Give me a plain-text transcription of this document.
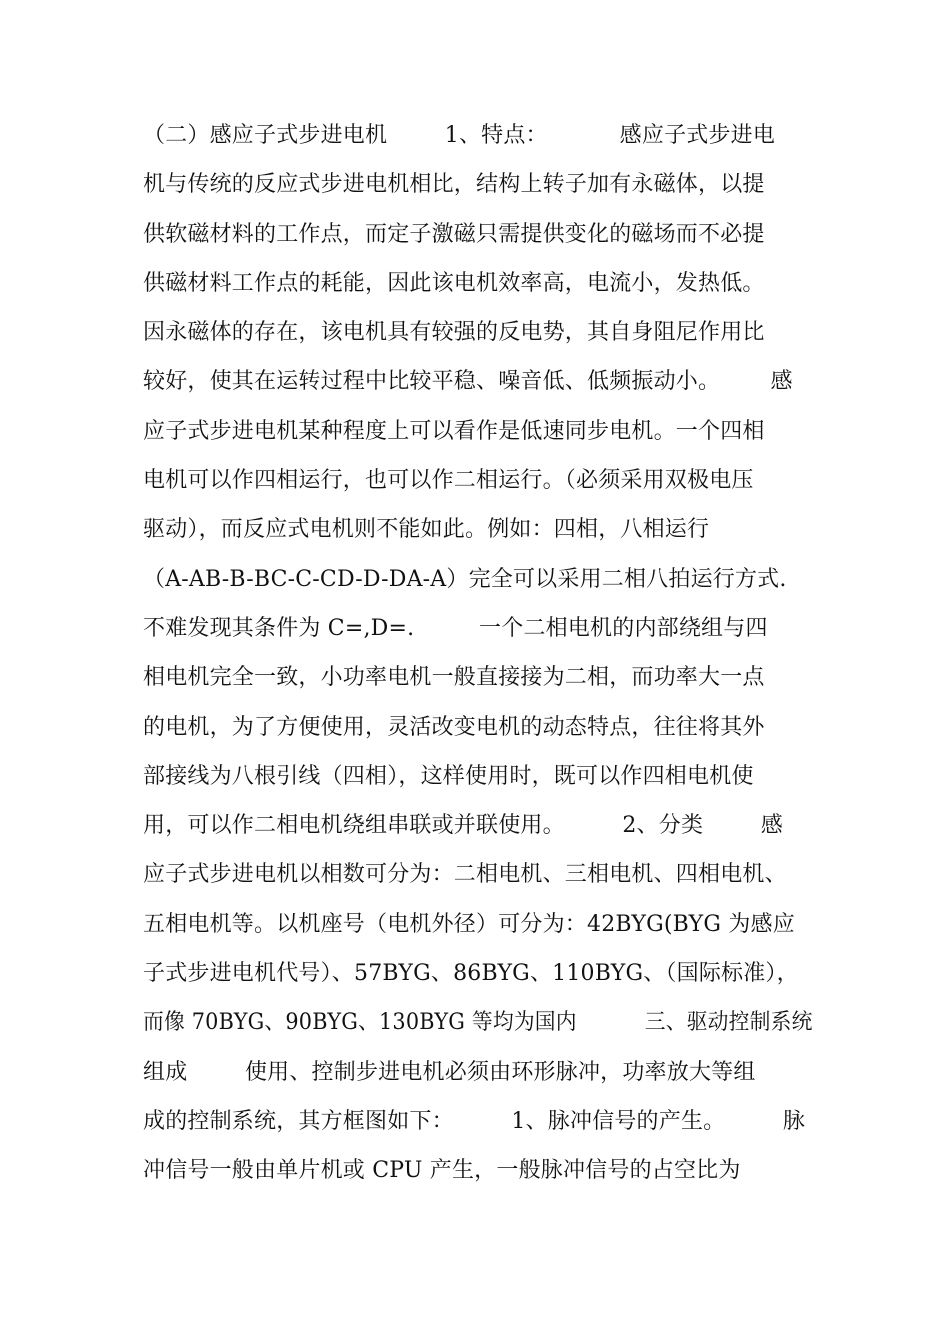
（二）感应子式步进电机        1、特点：          感应子式步进电
机与传统的反应式步进电机相比，结构上转子加有永磁体，以提
供软磁材料的工作点，而定子激磁只需提供变化的磁场而不必提
供磁材料工作点的耗能，因此该电机效率高，电流小，发热低。
因永磁体的存在，该电机具有较强的反电势，其自身阻尼作用比
较好，使其在运转过程中比较平稳、噪音低、低频振动小。       感
应子式步进电机某种程度上可以看作是低速同步电机。一个四相
电机可以作四相运行，也可以作二相运行。（必须采用双极电压
驱动），而反应式电机则不能如此。例如：四相，八相运行
（A-AB-B-BC-C-CD-D-DA-A）完全可以采用二相八拍运行方式.
不难发现其条件为 C=,D=.         一个二相电机的内部绕组与四
相电机完全一致，小功率电机一般直接接为二相，而功率大一点
的电机，为了方便使用，灵活改变电机的动态特点，往往将其外
部接线为八根引线（四相），这样使用时，既可以作四相电机使
用，可以作二相电机绕组串联或并联使用。        2、分类        感
应子式步进电机以相数可分为：二相电机、三相电机、四相电机、
五相电机等。以机座号（电机外径）可分为：42BYG(BYG 为感应
子式步进电机代号）、57BYG、86BYG、110BYG、（国际标准），
而像 70BYG、90BYG、130BYG 等均为国内          三、驱动控制系统
组成        使用、控制步进电机必须由环形脉冲，功率放大等组
成的控制系统，其方框图如下：        1、脉冲信号的产生。        脉
冲信号一般由单片机或 CPU 产生，一般脉冲信号的占空比为
